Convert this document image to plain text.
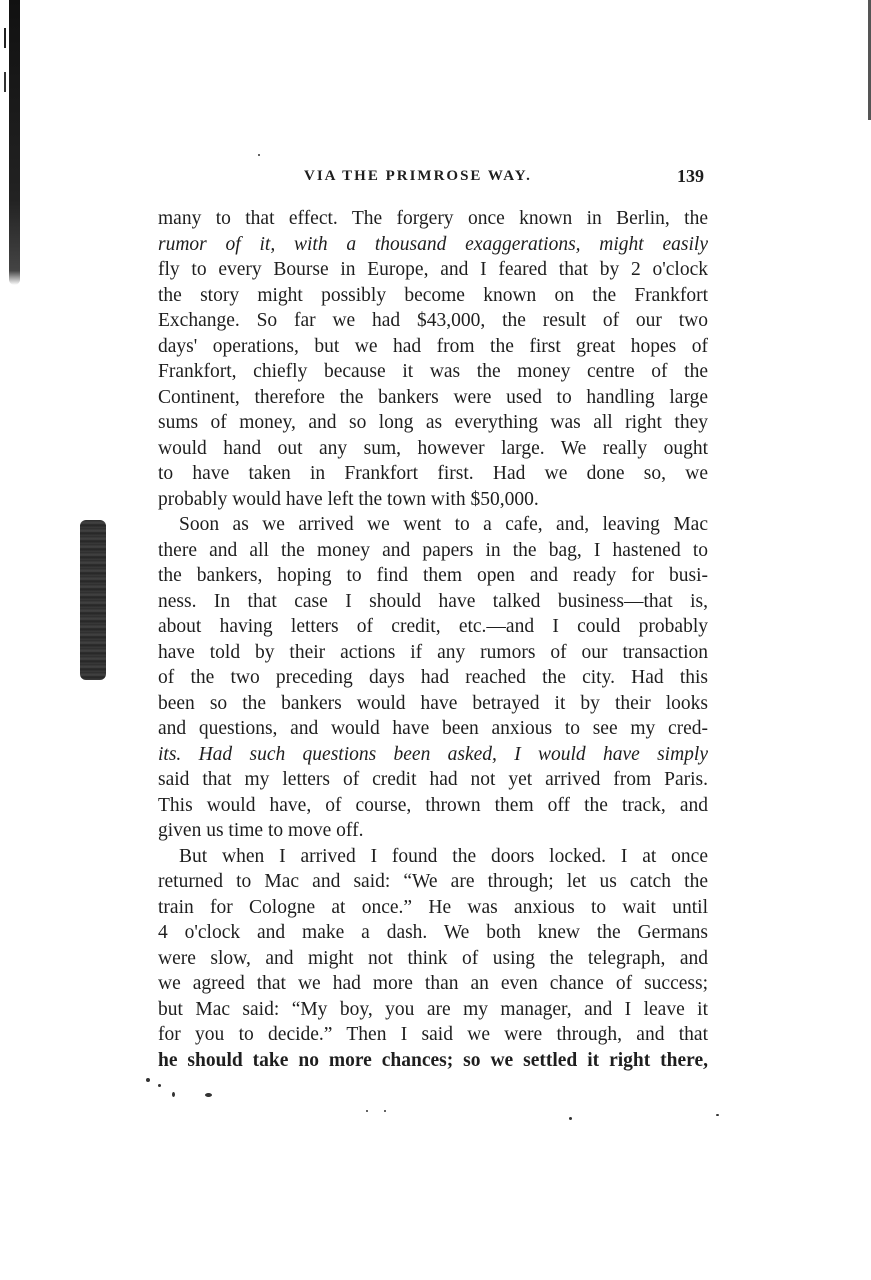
VIA THE PRIMROSE WAY.	139
many to that effect. The forgery once known in Berlin, the
rumor of it, with a thousand exaggerations, might easily
fly to every Bourse in Europe, and I feared that by 2 o'clock
the story might possibly become known on the Frankfort
Exchange. So far we had $43,000, the result of our two
days' operations, but we had from the first great hopes of
Frankfort, chiefly because it was the money centre of the
Continent, therefore the bankers were used to handling large
sums of money, and so long as everything was all right they
would hand out any sum, however large. We really ought
to have taken in Frankfort first. Had we done so, we
probably would have left the town with $50,000.
Soon as we arrived we went to a cafe, and, leaving Mac
there and all the money and papers in the bag, I hastened to
the bankers, hoping to find them open and ready for busi-
ness. In that case I should have talked business—that is,
about having letters of credit, etc.—and I could probably
have told by their actions if any rumors of our transaction
of the two preceding days had reached the city. Had this
been so the bankers would have betrayed it by their looks
and questions, and would have been anxious to see my cred-
its. Had such questions been asked, I would have simply
said that my letters of credit had not yet arrived from Paris.
This would have, of course, thrown them off the track, and
given us time to move off.
But when I arrived I found the doors locked. I at once
returned to Mac and said: “We are through; let us catch the
train for Cologne at once.” He was anxious to wait until
4 o'clock and make a dash. We both knew the Germans
were slow, and might not think of using the telegraph, and
we agreed that we had more than an even chance of success;
but Mac said: “My boy, you are my manager, and I leave it
for you to decide.” Then I said we were through, and that
he should take no more chances; so we settled it right there,
